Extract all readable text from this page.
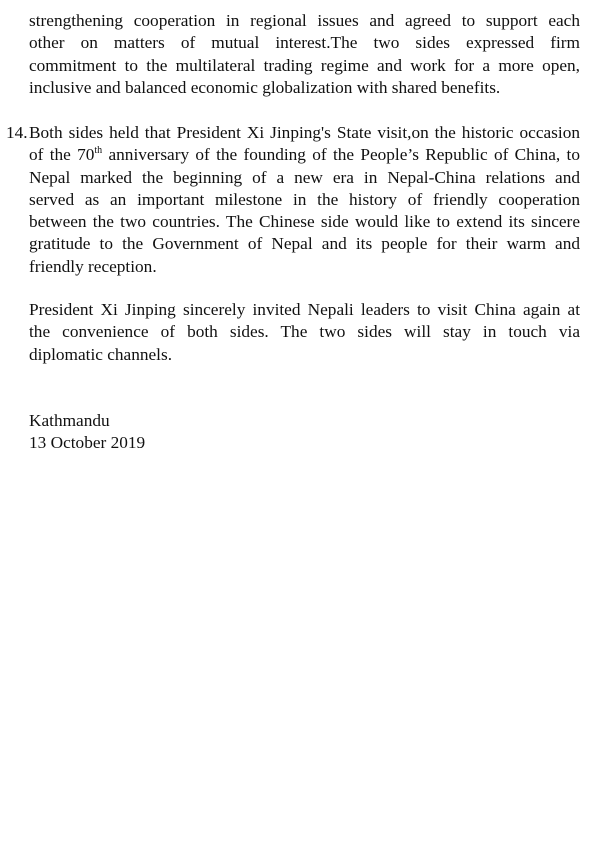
strengthening cooperation in regional issues and agreed to support each
other on matters of mutual interest.The two sides expressed firm
commitment to the multilateral trading regime and work for a more open,
inclusive and balanced economic globalization with shared benefits.
14. Both sides held that President Xi Jinping's State visit,on the historic occasion
of the 70th anniversary of the founding of the People’s Republic of China, to
Nepal marked the beginning of a new era in Nepal-China relations and
served as an important milestone in the history of friendly cooperation
between the two countries. The Chinese side would like to extend its sincere
gratitude to the Government of Nepal and its people for their warm and
friendly reception.
President Xi Jinping sincerely invited Nepali leaders to visit China again at
the convenience of both sides. The two sides will stay in touch via
diplomatic channels.
Kathmandu
13 October 2019
